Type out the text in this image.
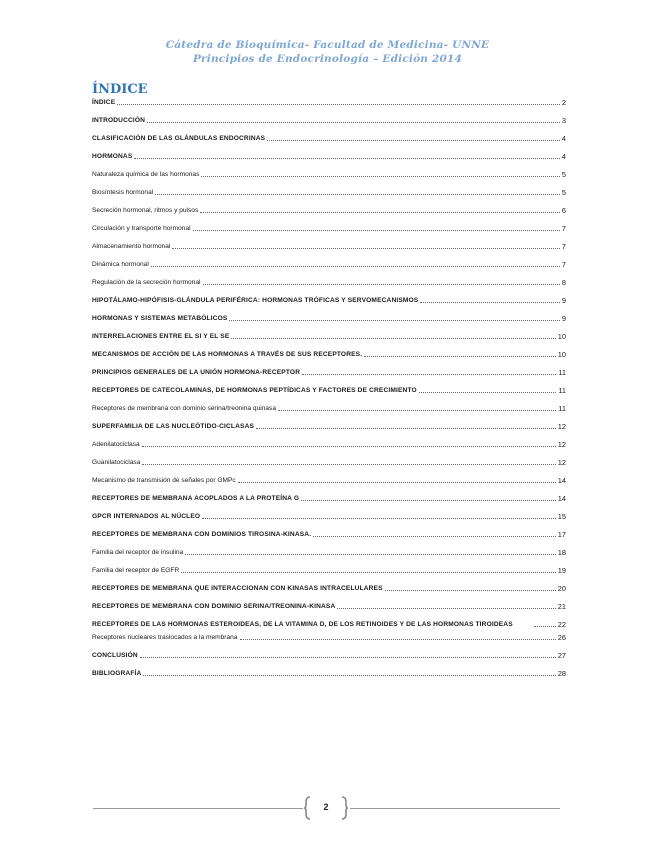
Cátedra de Bioquímica- Facultad de Medicina- UNNE
Principios de Endocrinología – Edición 2014
ÍNDICE
ÍNDICE	2
INTRODUCCIÓN	3
CLASIFICACIÓN DE LAS GLÁNDULAS ENDOCRINAS	4
HORMONAS	4
Naturaleza química de las hormonas	5
Biosíntesis hormonal	5
Secreción hormonal, ritmos y pulsos	6
Circulación y transporte hormonal	7
Almacenamiento hormonal	7
Dinámica hormonal	7
Regulación de la secreción hormonal	8
HIPOTÁLAMO-HIPÓFISIS-GLÁNDULA PERIFÉRICA: HORMONAS TRÓFICAS Y SERVOMECANISMOS	9
HORMONAS Y SISTEMAS METABÓLICOS	9
INTERRELACIONES ENTRE EL SI Y EL SE	10
MECANISMOS DE ACCIÓN DE LAS HORMONAS A TRAVÉS DE SUS RECEPTORES.	10
PRINCIPIOS GENERALES DE LA UNIÓN HORMONA-RECEPTOR	11
RECEPTORES DE CATECOLAMINAS, DE HORMONAS PEPTÍDICAS Y FACTORES DE CRECIMIENTO	11
Receptores de membrana con dominio serina/treonina quinasa	11
SUPERFAMILIA DE LAS NUCLEÓTIDO-CICLASAS	12
Adenilatociclasa	12
Guanilatociclasa	12
Mecanismo de transmisión de señales por GMPc	14
RECEPTORES DE MEMBRANA ACOPLADOS A LA PROTEÍNA G	14
GPCR INTERNADOS AL NÚCLEO	15
RECEPTORES DE MEMBRANA CON DOMINIOS TIROSINA-KINASA.	17
Familia del receptor de insulina	18
Familia del receptor de EGFR	19
RECEPTORES DE MEMBRANA QUE INTERACCIONAN CON KINASAS INTRACELULARES	20
RECEPTORES DE MEMBRANA CON DOMINIO SERINA/TREONINA-KINASA	21
RECEPTORES DE LAS HORMONAS ESTEROIDEAS, DE LA VITAMINA D, DE LOS RETINOIDES Y DE LAS HORMONAS TIROIDEAS	22
Receptores nucleares traslocados a la membrana	26
CONCLUSIÓN	27
BIBLIOGRAFÍA	28
2
